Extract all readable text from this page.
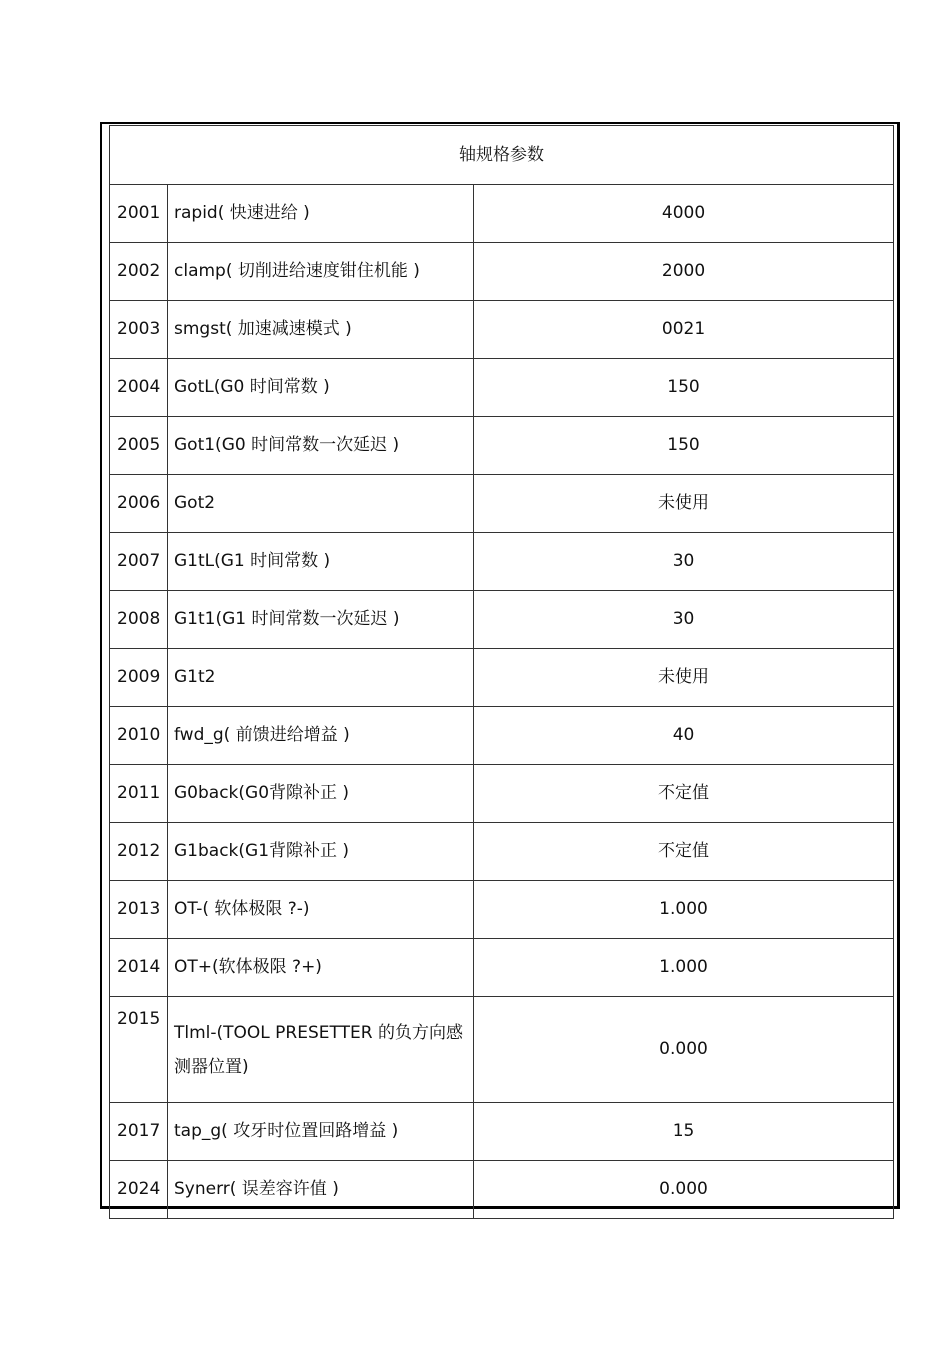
轴规格参数		
2001	rapid( 快速进给 )	4000
2002	clamp( 切削进给速度钳住机能 )	2000
2003	smgst( 加速减速模式 )	0021
2004	GotL(G0 时间常数 )	150
2005	Got1(G0 时间常数一次延迟 )	150
2006	Got2	未使用
2007	G1tL(G1 时间常数 )	30
2008	G1t1(G1 时间常数一次延迟 )	30
2009	G1t2	未使用
2010	fwd_g( 前馈进给增益 )	40
2011	G0back(G0背隙补正 )	不定值
2012	G1back(G1背隙补正 )	不定值
2013	OT-( 软体极限 ?-)	1.000
2014	OT+(软体极限 ?+)	1.000
2015	Tlml-(TOOL PRESETTER 的负方向感测器位置)	0.000
2017	tap_g( 攻牙时位置回路增益 )	15
2024	Synerr( 误差容许值 )	0.000
